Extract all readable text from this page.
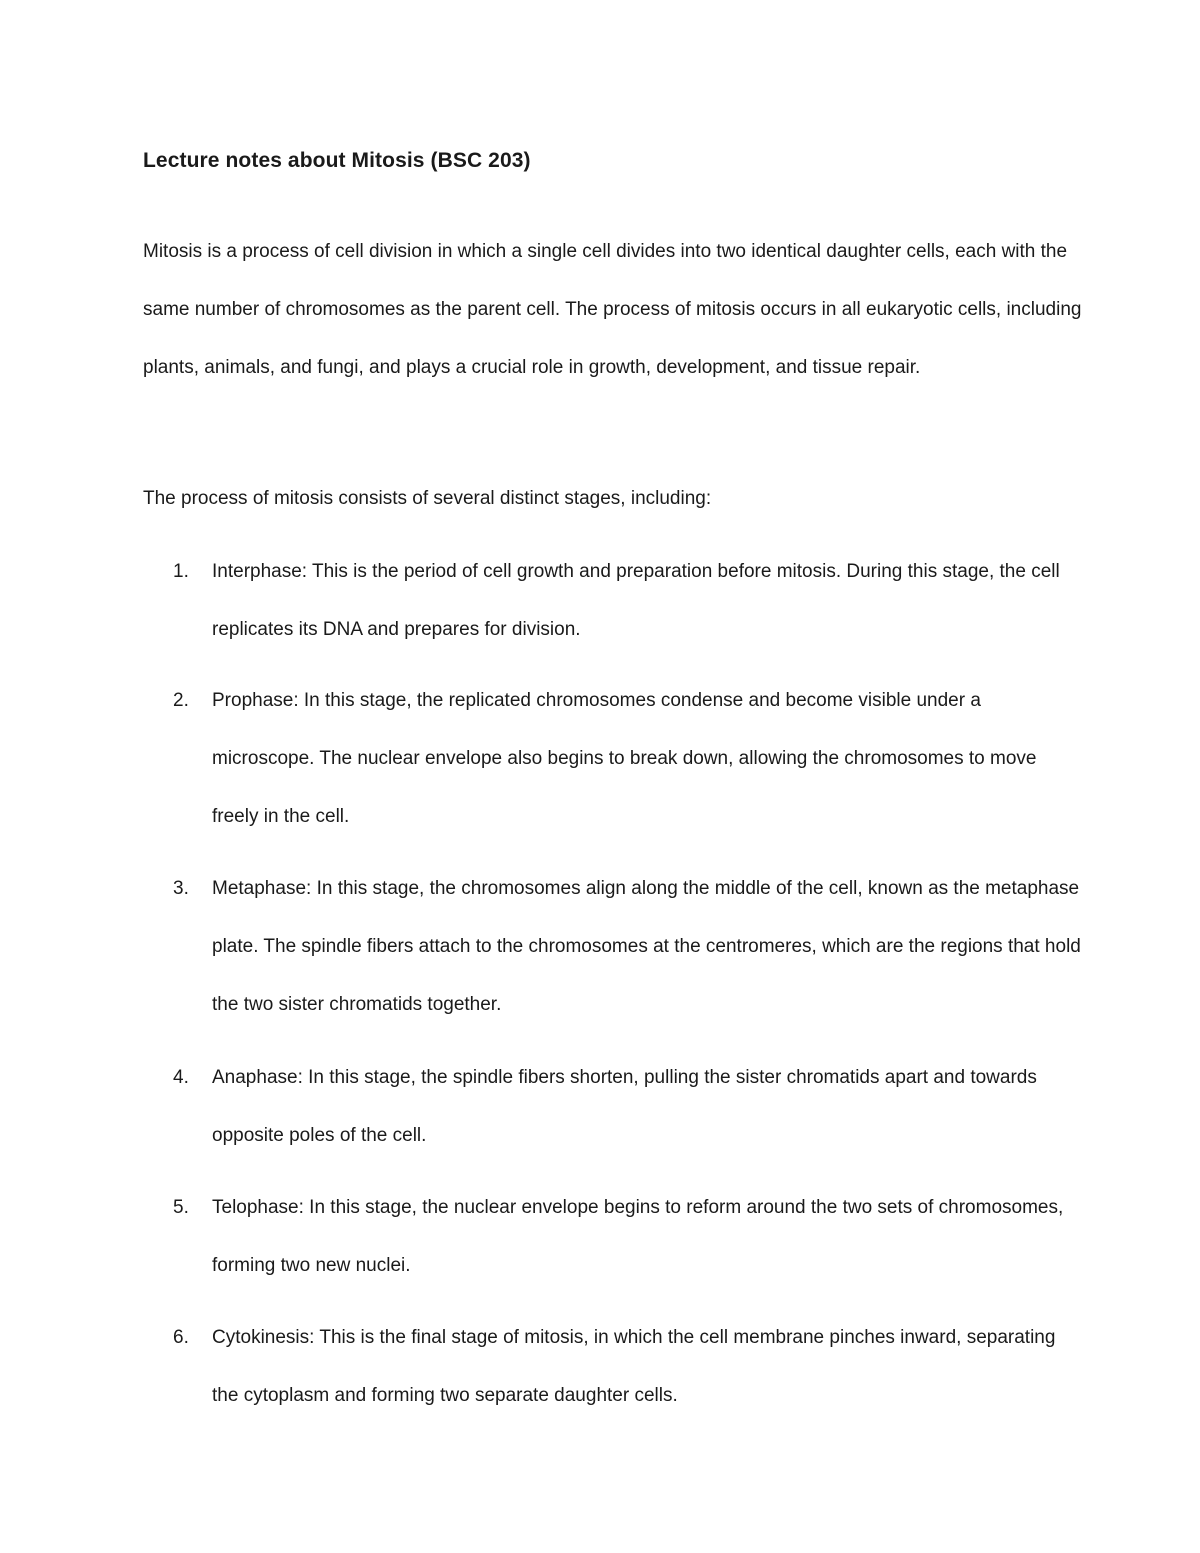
Lecture notes about Mitosis (BSC 203)

Mitosis is a process of cell division in which a single cell divides into two identical daughter cells, each with the same number of chromosomes as the parent cell. The process of mitosis occurs in all eukaryotic cells, including plants, animals, and fungi, and plays a crucial role in growth, development, and tissue repair.

The process of mitosis consists of several distinct stages, including:

1.	Interphase: This is the period of cell growth and preparation before mitosis. During this stage, the cell replicates its DNA and prepares for division.
2.	Prophase: In this stage, the replicated chromosomes condense and become visible under a microscope. The nuclear envelope also begins to break down, allowing the chromosomes to move freely in the cell.
3.	Metaphase: In this stage, the chromosomes align along the middle of the cell, known as the metaphase plate. The spindle fibers attach to the chromosomes at the centromeres, which are the regions that hold the two sister chromatids together.
4.	Anaphase: In this stage, the spindle fibers shorten, pulling the sister chromatids apart and towards opposite poles of the cell.
5.	Telophase: In this stage, the nuclear envelope begins to reform around the two sets of chromosomes, forming two new nuclei.
6.	Cytokinesis: This is the final stage of mitosis, in which the cell membrane pinches inward, separating the cytoplasm and forming two separate daughter cells.
